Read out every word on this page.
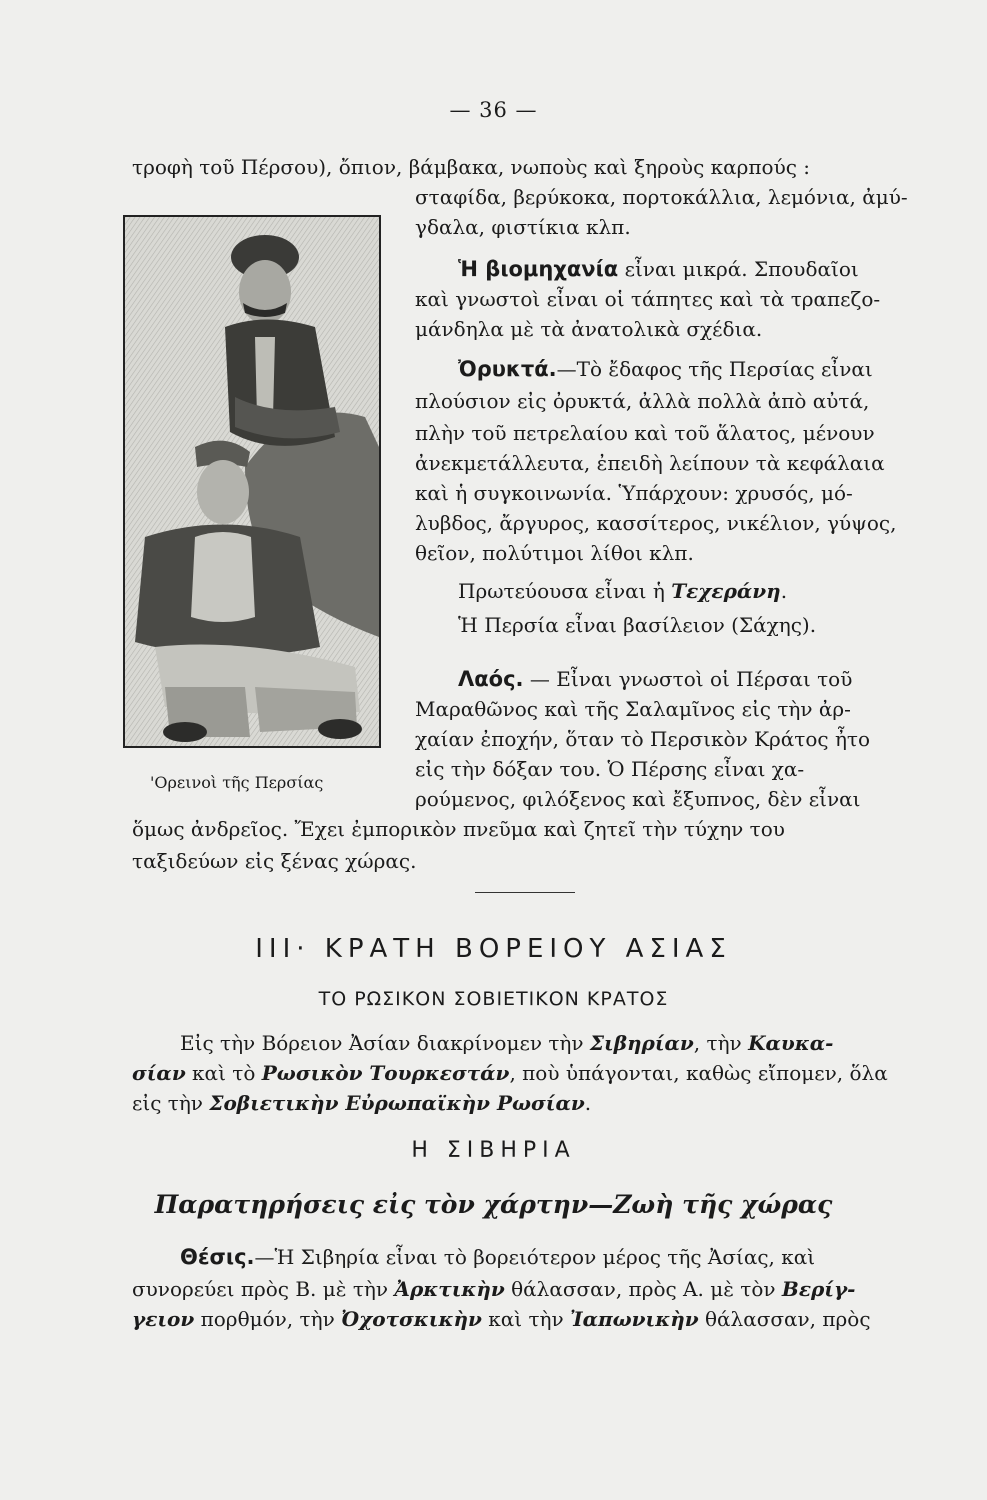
— 36 —
'Ορεινοὶ τῆς Περσίας
τροφὴ τοῦ Πέρσου), ὄπιον, βάμβακα, νωποὺς καὶ ξηροὺς καρπούς :
σταφίδα, βερύκοκα, πορτοκάλλια, λεμόνια, ἀμύ-
γδαλα, φιστίκια κλπ.
Ἡ βιομηχανία εἶναι μικρά. Σπουδαῖοι
καὶ γνωστοὶ εἶναι οἱ τάπητες καὶ τὰ τραπεζο-
μάνδηλα μὲ τὰ ἀνατολικὰ σχέδια.
Ὀρυκτά.—Τὸ ἔδαφος τῆς Περσίας εἶναι
πλούσιον εἰς ὀρυκτά, ἀλλὰ πολλὰ ἀπὸ αὐτά,
πλὴν τοῦ πετρελαίου καὶ τοῦ ἅλατος, μένουν
ἀνεκμετάλλευτα, ἐπειδὴ λείπουν τὰ κεφάλαια
καὶ ἡ συγκοινωνία. Ὑπάρχουν: χρυσός, μό-
λυβδος, ἄργυρος, κασσίτερος, νικέλιον, γύψος,
θεῖον, πολύτιμοι λίθοι κλπ.
Πρωτεύουσα εἶναι ἡ Τεχεράνη.
Ἡ Περσία εἶναι βασίλειον (Σάχης).
Λαός. — Εἶναι γνωστοὶ οἱ Πέρσαι τοῦ
Μαραθῶνος καὶ τῆς Σαλαμῖνος εἰς τὴν ἀρ-
χαίαν ἐποχήν, ὅταν τὸ Περσικὸν Κράτος ἦτο
εἰς τὴν δόξαν του. Ὁ Πέρσης εἶναι χα-
ρούμενος, φιλόξενος καὶ ἔξυπνος, δὲν εἶναι
ὅμως ἀνδρεῖος. Ἔχει ἐμπορικὸν πνεῦμα καὶ ζητεῖ τὴν τύχην του
ταξιδεύων εἰς ξένας χώρας.
III· ΚΡΑΤΗ ΒΟΡΕΙΟΥ ΑΣΙΑΣ
ΤΟ ΡΩΣΙΚΟΝ ΣΟΒΙΕΤΙΚΟΝ ΚΡΑΤΟΣ
Εἰς τὴν Βόρειον Ἀσίαν διακρίνομεν τὴν Σιβηρίαν, τὴν Καυκα-
σίαν καὶ τὸ Ρωσικὸν Τουρκεστάν, ποὺ ὑπάγονται, καθὼς εἴπομεν, ὅλα
εἰς τὴν Σοβιετικὴν Εὐρωπαϊκὴν Ρωσίαν.
Η ΣΙΒΗΡΙΑ
Παρατηρήσεις εἰς τὸν χάρτην—Ζωὴ τῆς χώρας
Θέσις.—Ἡ Σιβηρία εἶναι τὸ βορειότερον μέρος τῆς Ἀσίας, καὶ
συνορεύει πρὸς Β. μὲ τὴν Ἀρκτικὴν θάλασσαν, πρὸς Α. μὲ τὸν Βερίγ-
γειον πορθμόν, τὴν Ὀχοτσκικὴν καὶ τὴν Ἰαπωνικὴν θάλασσαν, πρὸς
